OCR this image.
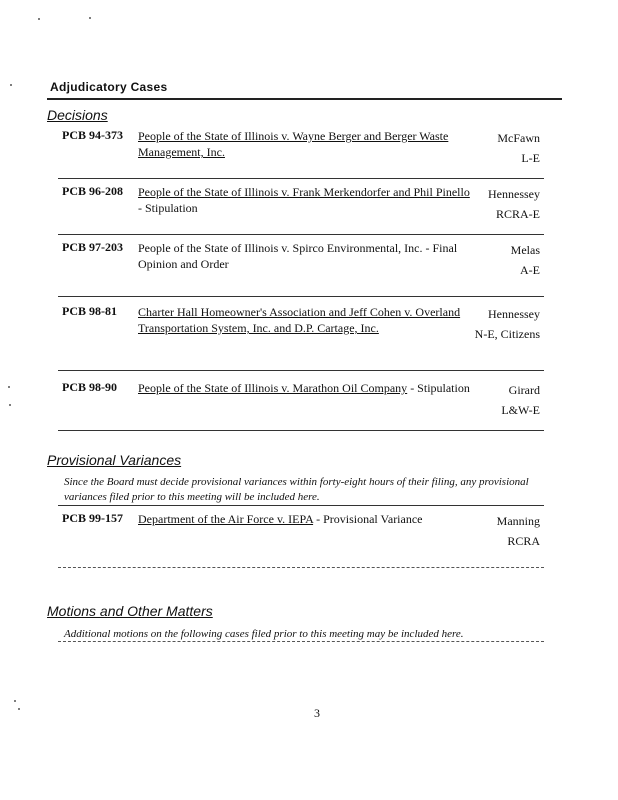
Adjudicatory Cases
Decisions
PCB 94-373 People of the State of Illinois v. Wayne Berger and Berger Waste Management, Inc.
McFawn
L-E
PCB 96-208 People of the State of Illinois v. Frank Merkendorfer and Phil Pinello - Stipulation
Hennessey
RCRA-E
PCB 97-203 People of the State of Illinois v. Spirco Environmental, Inc. - Final Opinion and Order
Melas
A-E
PCB 98-81 Charter Hall Homeowner's Association and Jeff Cohen v. Overland Transportation System, Inc. and D.P. Cartage, Inc.
Hennessey
N-E, Citizens
PCB 98-90 People of the State of Illinois v. Marathon Oil Company - Stipulation	Girard
L&W-E
Provisional Variances
Since the Board must decide provisional variances within forty-eight hours of their filing, any provisional variances filed prior to this meeting will be included here.
PCB 99-157 Department of the Air Force v. IEPA - Provisional Variance	Manning
RCRA
Motions and Other Matters
Additional motions on the following cases filed prior to this meeting may be included here.
3
